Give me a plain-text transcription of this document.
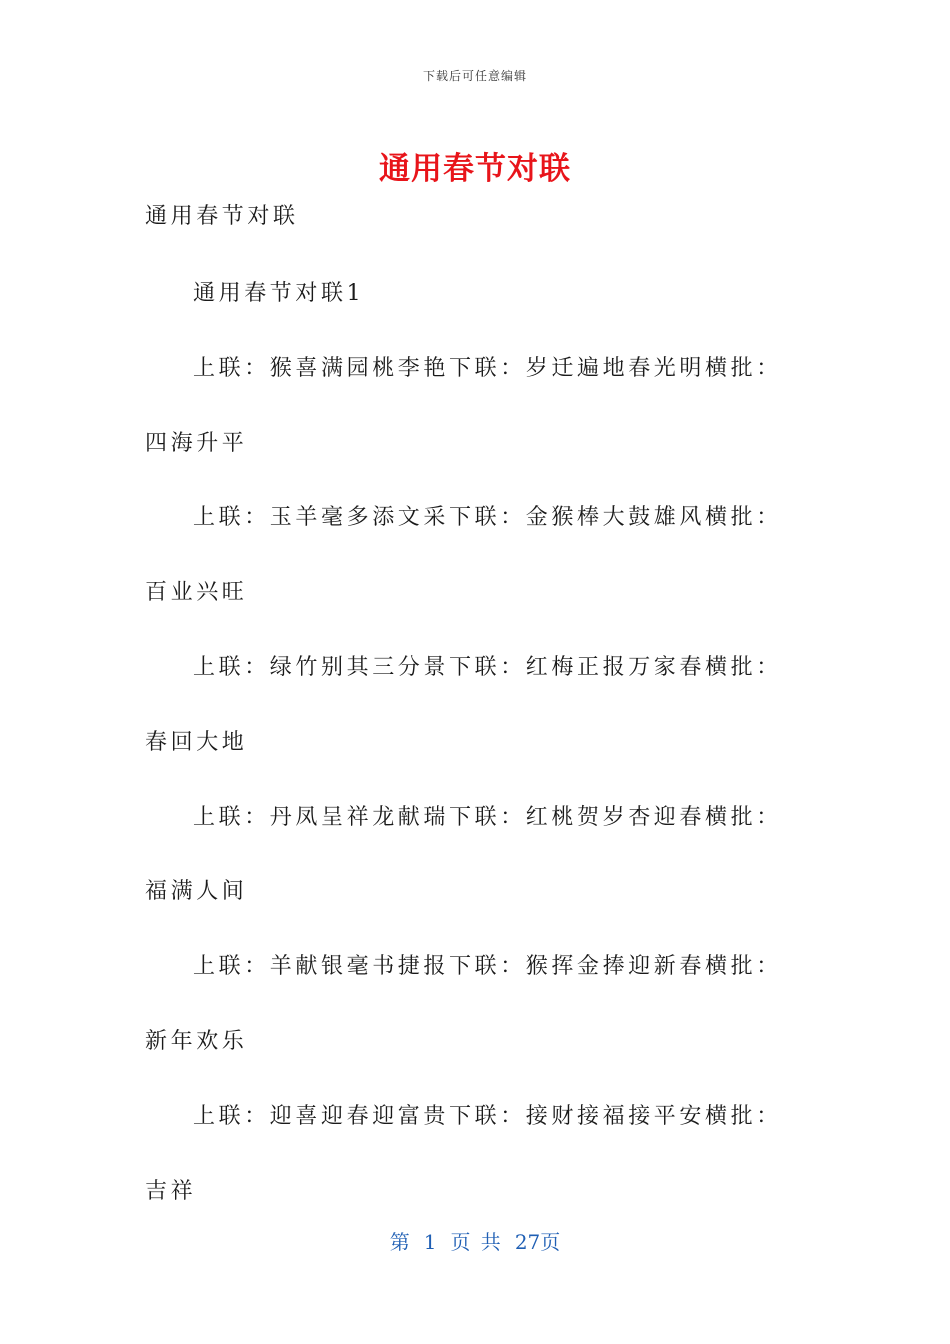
下载后可任意编辑
通用春节对联

通用春节对联

通用春节对联1

上联：猴喜满园桃李艳下联：岁迁遍地春光明横批：四海升平

上联：玉羊毫多添文采下联：金猴棒大鼓雄风横批：百业兴旺

上联：绿竹别其三分景下联：红梅正报万家春横批：春回大地

上联：丹凤呈祥龙献瑞下联：红桃贺岁杏迎春横批：福满人间

上联：羊献银毫书捷报下联：猴挥金捧迎新春横批：新年欢乐

上联：迎喜迎春迎富贵下联：接财接福接平安横批：吉祥

第 1 页 共 27页
